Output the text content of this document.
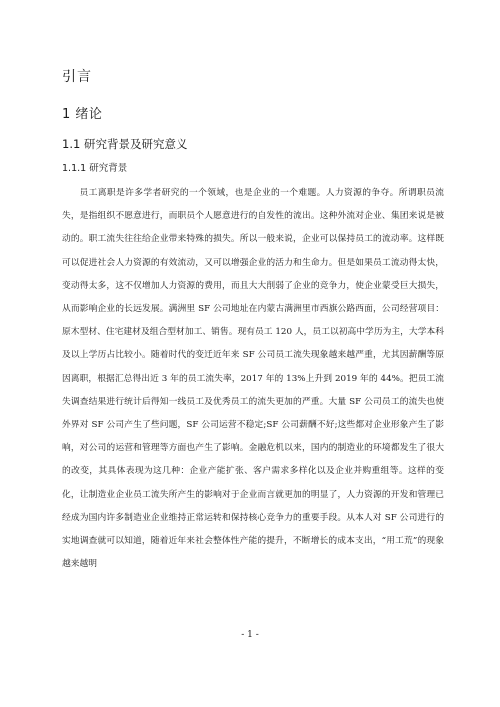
引言
1 绪论
1.1 研究背景及研究意义
1.1.1 研究背景

员工离职是许多学者研究的一个领域，也是企业的一个难题。人力资源的争夺。所谓职员流失，是指组织不愿意进行，而职员个人愿意进行的自发性的流出。这种外流对企业、集团来说是被动的。职工流失往往给企业带来特殊的损失。所以一般来说，企业可以保持员工的流动率。这样既可以促进社会人力资源的有效流动，又可以增强企业的活力和生命力。但是如果员工流动得太快，变动得太多，这不仅增加人力资源的费用，而且大大削弱了企业的竞争力，使企业蒙受巨大损失，从而影响企业的长远发展。满洲里 SF 公司地址在内蒙古满洲里市西旗公路西面，公司经营项目：原木型材、住宅建材及组合型材加工、销售。现有员工 120 人，员工以初高中学历为主，大学本科及以上学历占比较小。随着时代的变迁近年来 SF 公司员工流失现象越来越严重，尤其因薪酬等原因离职，根据汇总得出近 3 年的员工流失率，2017 年的 13%上升到 2019 年的 44%。把员工流失调查结果进行统计后得知一线员工及优秀员工的流失更加的严重。大量 SF 公司员工的流失也使外界对 SF 公司产生了些问题，SF 公司运营不稳定;SF 公司薪酬不好;这些都对企业形象产生了影响，对公司的运营和管理等方面也产生了影响。金融危机以来，国内的制造业的环境都发生了很大的改变，其具体表现为这几种：企业产能扩张、客户需求多样化以及企业并购重组等。这样的变化，让制造业企业员工流失所产生的影响对于企业而言就更加的明显了，人力资源的开发和管理已经成为国内许多制造业企业维持正常运转和保持核心竞争力的重要手段。从本人对 SF 公司进行的实地调查就可以知道，随着近年来社会整体性产能的提升，不断增长的成本支出，“用工荒”的现象越来越明

- 1 -
